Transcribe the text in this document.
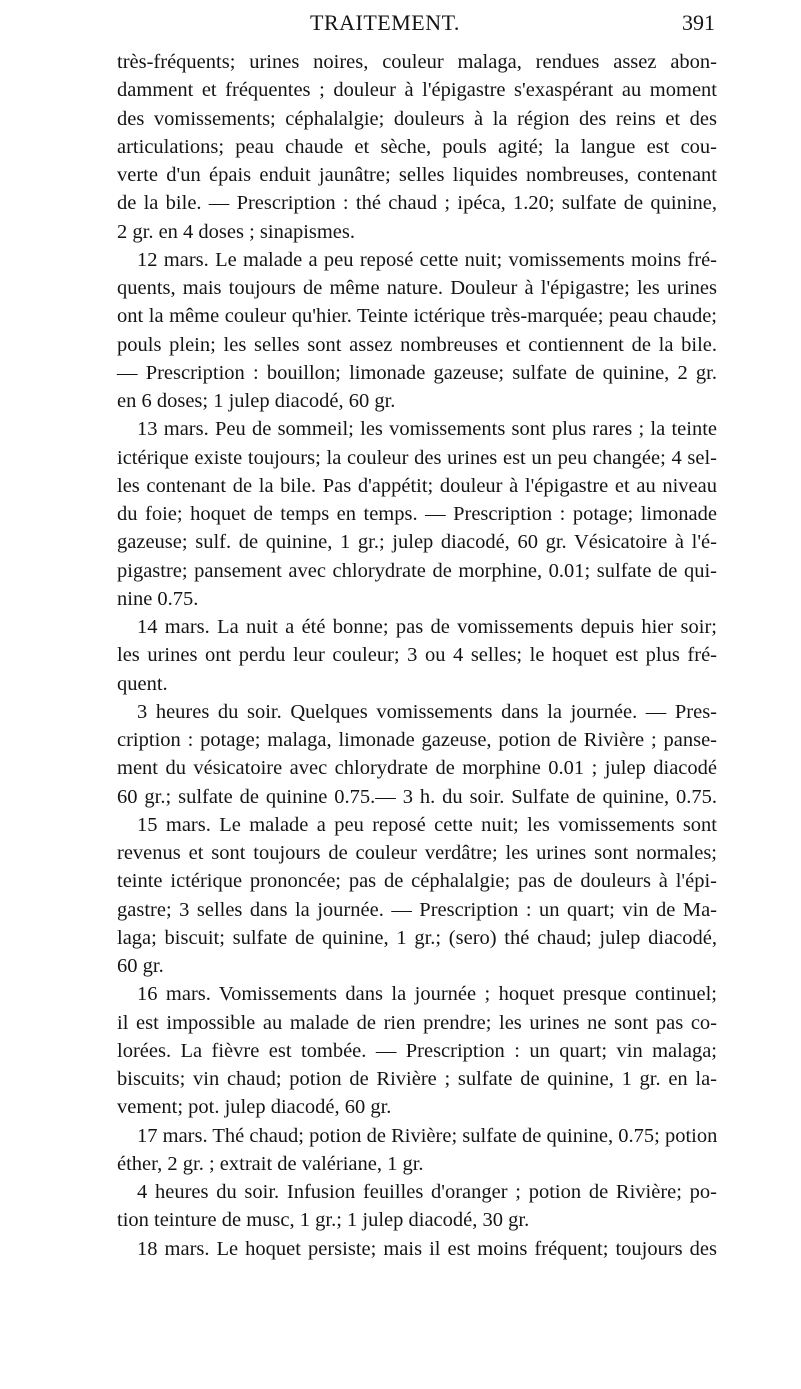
TRAITEMENT.	391
très-fréquents; urines noires, couleur malaga, rendues assez abon-
damment et fréquentes ; douleur à l'épigastre s'exaspérant au moment
des vomissements; céphalalgie; douleurs à la région des reins et des
articulations; peau chaude et sèche, pouls agité; la langue est cou-
verte d'un épais enduit jaunâtre; selles liquides nombreuses, contenant
de la bile. — Prescription : thé chaud ; ipéca, 1.20; sulfate de quinine,
2 gr. en 4 doses ; sinapismes.
12 mars. Le malade a peu reposé cette nuit; vomissements moins fré-
quents, mais toujours de même nature. Douleur à l'épigastre; les urines
ont la même couleur qu'hier. Teinte ictérique très-marquée; peau chaude;
pouls plein; les selles sont assez nombreuses et contiennent de la bile.
— Prescription : bouillon; limonade gazeuse; sulfate de quinine, 2 gr.
en 6 doses; 1 julep diacodé, 60 gr.
13 mars. Peu de sommeil; les vomissements sont plus rares ; la teinte
ictérique existe toujours; la couleur des urines est un peu changée; 4 sel-
les contenant de la bile. Pas d'appétit; douleur à l'épigastre et au niveau
du foie; hoquet de temps en temps. — Prescription : potage; limonade
gazeuse; sulf. de quinine, 1 gr.; julep diacodé, 60 gr. Vésicatoire à l'é-
pigastre; pansement avec chlorydrate de morphine, 0.01; sulfate de qui-
nine 0.75.
14 mars. La nuit a été bonne; pas de vomissements depuis hier soir;
les urines ont perdu leur couleur; 3 ou 4 selles; le hoquet est plus fré-
quent.
3 heures du soir. Quelques vomissements dans la journée. — Pres-
cription : potage; malaga, limonade gazeuse, potion de Rivière ; panse-
ment du vésicatoire avec chlorydrate de morphine 0.01 ; julep diacodé
60 gr.; sulfate de quinine 0.75.— 3 h. du soir. Sulfate de quinine, 0.75.
15 mars. Le malade a peu reposé cette nuit; les vomissements sont
revenus et sont toujours de couleur verdâtre; les urines sont normales;
teinte ictérique prononcée; pas de céphalalgie; pas de douleurs à l'épi-
gastre; 3 selles dans la journée. — Prescription : un quart; vin de Ma-
laga; biscuit; sulfate de quinine, 1 gr.; (sero) thé chaud; julep diacodé,
60 gr.
16 mars. Vomissements dans la journée ; hoquet presque continuel;
il est impossible au malade de rien prendre; les urines ne sont pas co-
lorées. La fièvre est tombée. — Prescription : un quart; vin malaga;
biscuits; vin chaud; potion de Rivière ; sulfate de quinine, 1 gr. en la-
vement; pot. julep diacodé, 60 gr.
17 mars. Thé chaud; potion de Rivière; sulfate de quinine, 0.75; potion
éther, 2 gr. ; extrait de valériane, 1 gr.
4 heures du soir. Infusion feuilles d'oranger ; potion de Rivière; po-
tion teinture de musc, 1 gr.; 1 julep diacodé, 30 gr.
18 mars. Le hoquet persiste; mais il est moins fréquent; toujours des
